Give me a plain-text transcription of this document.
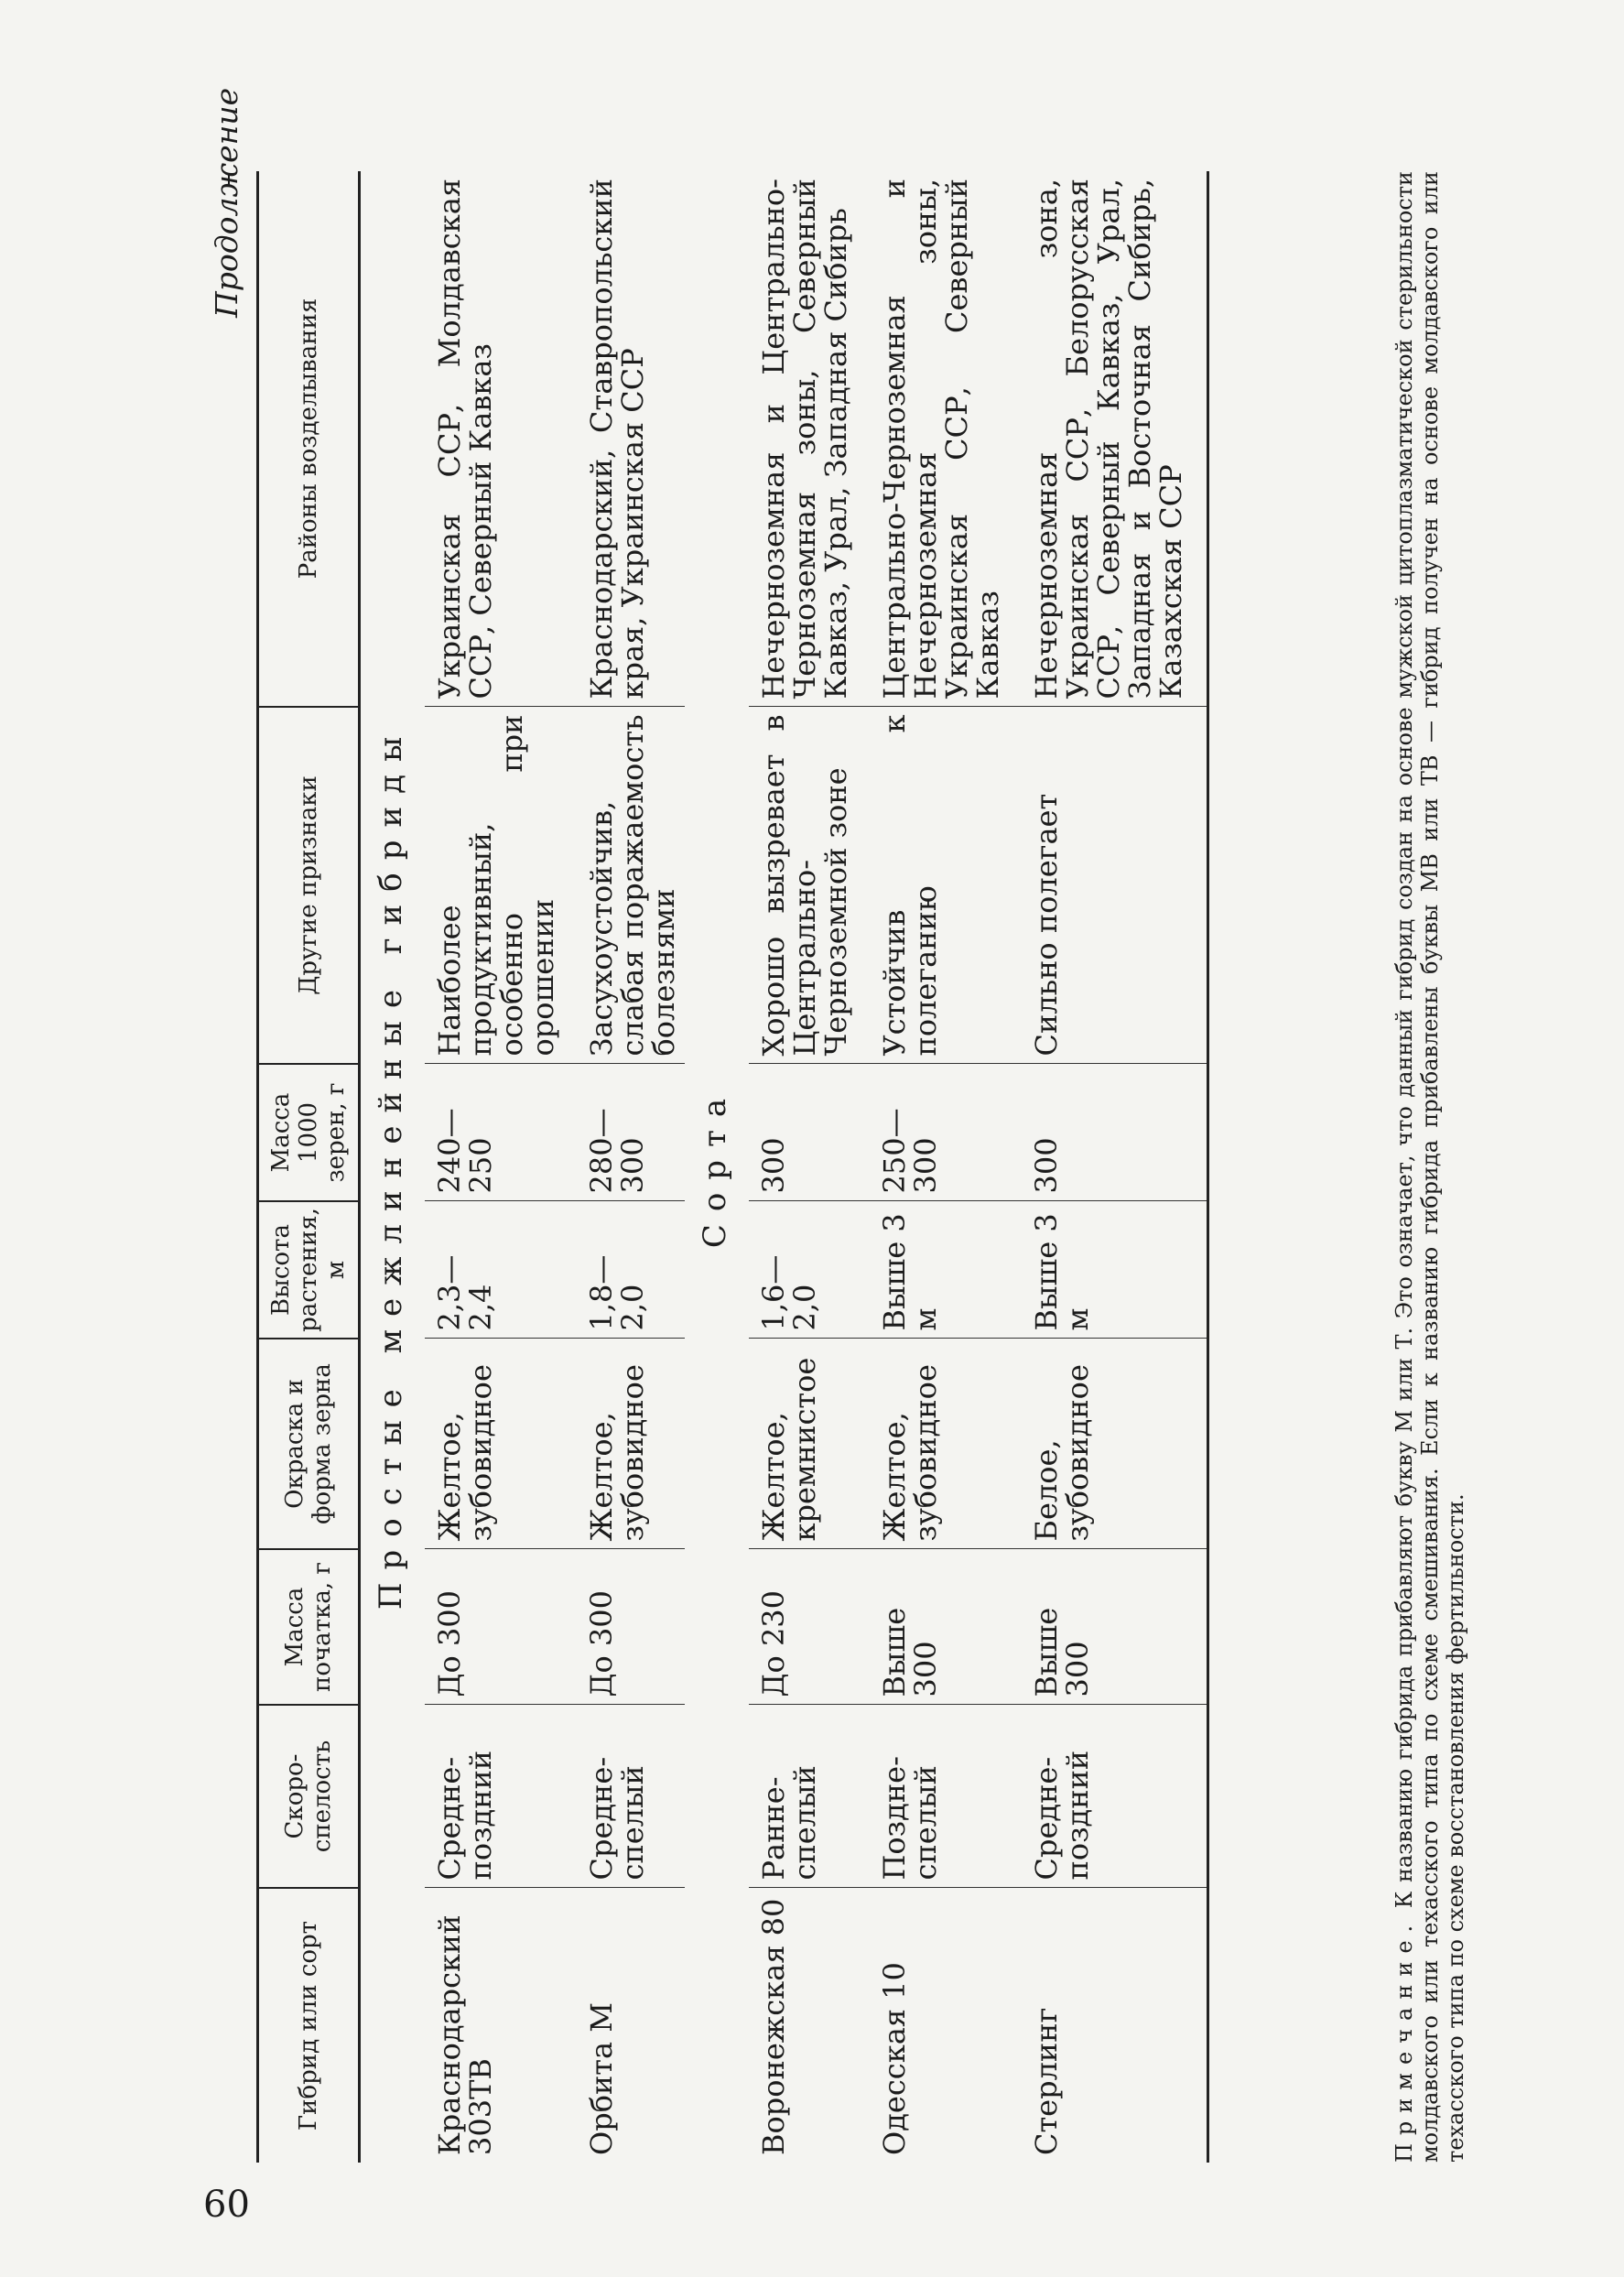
60
Продолжение
Гибрид или сорт	Скоро-спелость	Масса початка, г	Окраска и форма зерна	Высота растения, м	Масса 1000 зерен, г	Другие признаки	Районы возделывания
Простые межлинейные гибриды							
Краснодарский 303ТВ	Средне-поздний	До 300	Желтое, зубовидное	2,3—2,4	240—250	Наиболее продуктивный, особенно при орошении	Украинская ССР, Молдавская ССР, Северный Кавказ

Орбита М	Средне-спелый	До 300	Желтое, зубовидное	1,8—2,0	280—300	Засухоустойчив, слабая поражаемость болезнями	Краснодарский, Ставропольский края, Украинская ССР
Сорта							
Воронежская 80	Ранне-спелый	До 230	Желтое, кремнистое	1,6—2,0	300	Хорошо вызревает в Центрально-Черноземной зоне	Нечерноземная и Центрально-Черноземная зоны, Северный Кавказ, Урал, Западная Сибирь

Одесская 10	Поздне-спелый	Выше 300	Желтое, зубовидное	Выше 3 м	250—300	Устойчив к полеганию	Центрально-Черноземная и Нечерноземная зоны, Украинская ССР, Северный Кавказ

Стерлинг	Средне-поздний	Выше 300	Белое, зубовидное	Выше 3 м	300	Сильно полегает	Нечерноземная зона, Украинская ССР, Белорусская ССР, Северный Кавказ, Урал, Западная и Восточная Сибирь, Казахская ССР
Примечание. К названию гибрида прибавляют букву М или Т. Это означает, что данный гибрид создан на основе мужской цитоплазматической стерильности молдавского или техасского типа по схеме смешивания. Если к названию гибрида прибавлены буквы МВ или ТВ — гибрид получен на основе молдавского или техасского типа по схеме восстановления фертильности.
